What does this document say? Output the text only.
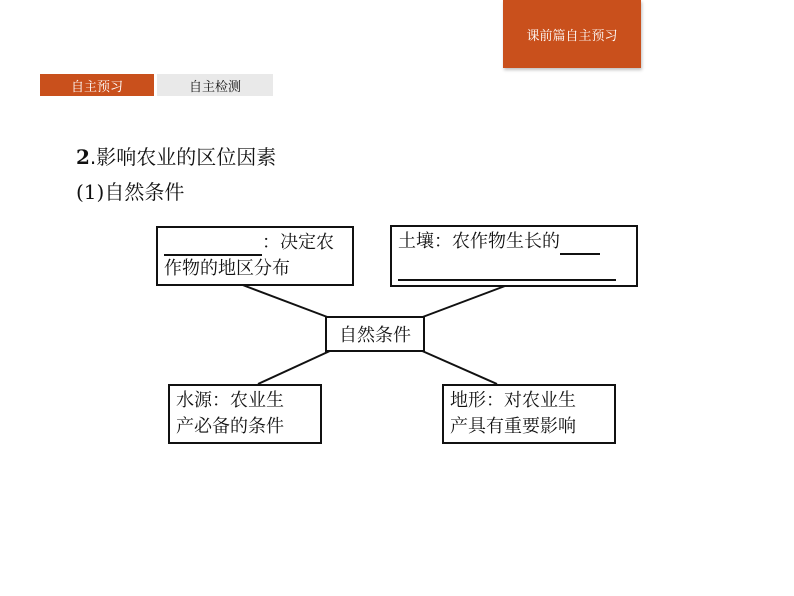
课前篇自主预习
自主预习	自主检测
2.影响农业的区位因素
(1)自然条件
：决定农
作物的地区分布
土壤：农作物生长的
自然条件
水源：农业生
产必备的条件
地形：对农业生
产具有重要影响
